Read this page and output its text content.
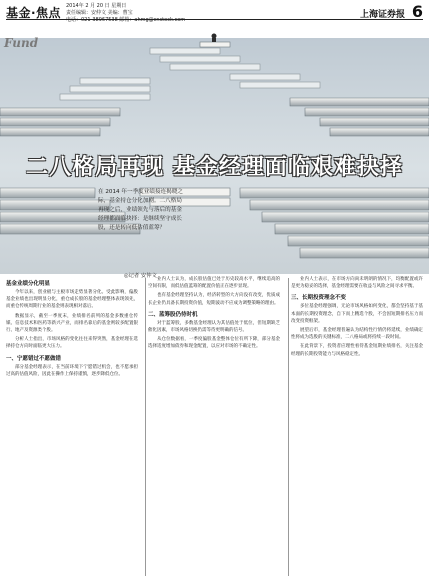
基金·焦点 2014年 2 月 20 日 星期日
责任编辑：安仲文 美编：曹宝
电话：021-38967538 邮箱：ahmg@cnstock.com	上海证券报 6
二八格局再现 基金经理面临艰难抉择
在 2014 年一季度业绩接连揭晓之际，基金持仓分化加剧。二八格局再现之后，业绩领先与落后的基金经理都面临抉择：是继续坚守成长股，还是转向低估值蓝筹？
◎记者 安仲文
Fund
基金业绩分化明显

今年以来，创业板与主板市场走势显著分化。受此影响，偏股基金业绩也出现明显分化，重仓成长股的基金经理整体表现领先，而重仓传统周期行业的基金则表现相对落后。

数据显示，截至一季度末，业绩排名前列的基金多数重仓传媒、信息技术和医药等新兴产业，而排名靠后的基金则较多配置银行、地产及资源类个股。

分析人士指出，市场风格的变化往往来得突然，基金经理在选择持仓方向时面临更大压力。

一、宁愿错过不愿做错

部分基金经理表示，在当前环境下宁愿错过机会，也不愿承担过高的估值风险，因此在操作上保持谨慎，逐步降低仓位。

业内人士认为，成长股估值已处于历史较高水平，继续追高的空间有限，而低估值蓝筹的配置价值正在逐步显现。

也有基金经理坚持认为，经济转型的大方向没有改变，优质成长企业仍具备长期投资价值，短期波动不应成为调整策略的理由。

二、蓝筹股仍待时机

对于蓝筹股，多数基金经理认为其估值处于低位，但短期缺乏催化因素，市场风格切换仍需等待更明确的信号。

从仓位数据看，一季度偏股基金整体仓位有所下降，部分基金选择适度增加债券和现金配置，以应对市场的不确定性。

业内人士表示，在市场方向尚未明朗的情况下，均衡配置或许是更为稳妥的选择，基金经理需要在收益与风险之间寻求平衡。

三、长期投资理念不变

多位基金经理强调，无论市场风格如何变化，都会坚持基于基本面的长期投资理念，自下而上精选个股，不会因短期排名压力而改变投资框架。

展望后市，基金经理普遍认为结构性行情仍将延续，业绩确定性将成为选股的关键标准，二八格局或将持续一段时间。

在此背景下，投资者应理性看待基金短期业绩排名，关注基金经理的长期投资能力与风格稳定性。
